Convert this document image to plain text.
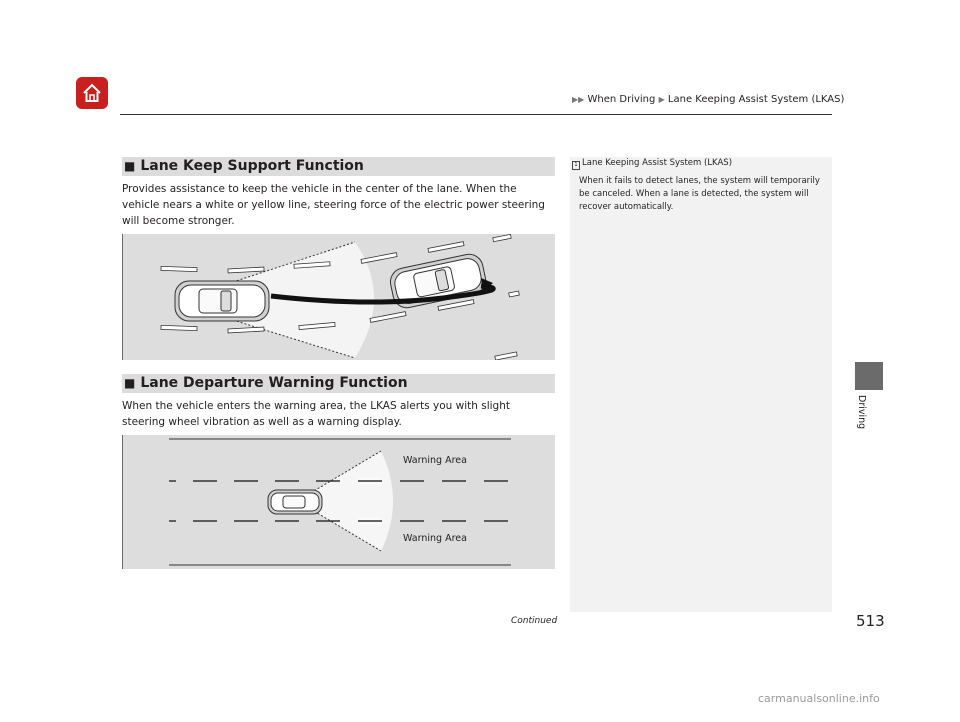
▶▶ When Driving ▶ Lane Keeping Assist System (LKAS)
■ Lane Keep Support Function
Provides assistance to keep the vehicle in the center of the lane. When the vehicle nears a white or yellow line, steering force of the electric power steering will become stronger.
■ Lane Departure Warning Function
When the vehicle enters the warning area, the LKAS alerts you with slight steering wheel vibration as well as a warning display.
Warning Area
Warning Area
1 Lane Keeping Assist System (LKAS)
When it fails to detect lanes, the system will temporarily be canceled. When a lane is detected, the system will recover automatically.
Driving
Continued	513
carmanualsonline.info
